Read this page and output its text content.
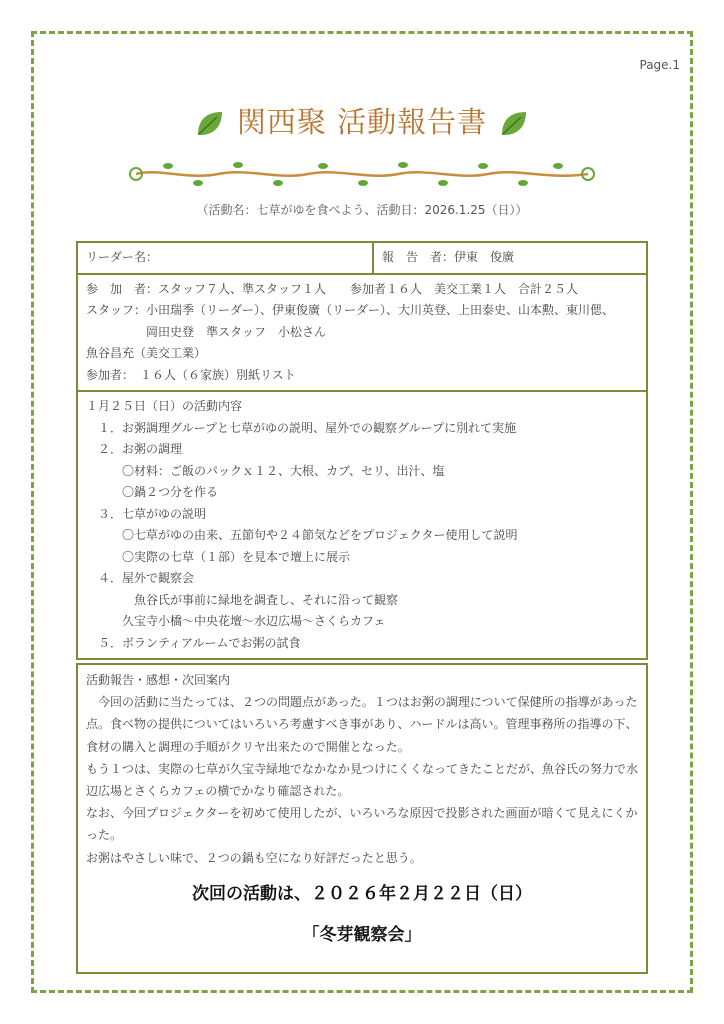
Page.1
関西聚 活動報告書
（活動名：七草がゆを食べよう、活動日：2026.1.25（日））
リーダー名：	報　告　者：伊東　俊廣

参　加　者：スタッフ７人、準スタッフ１人　　参加者１６人　美交工業１人　合計２５人
スタッフ：小田瑞季（リーダー）、伊東俊廣（リーダー）、大川英登、上田泰史、山本勲、東川偲、
　　　　　岡田史登　準スタッフ　小松さん
魚谷昌充（美交工業）
参加者：　１６人（６家族）別紙リスト

１月２５日（日）の活動内容
　１．お粥調理グループと七草がゆの説明、屋外での観察グループに別れて実施
　２．お粥の調理
　　　〇材料：ご飯のパックｘ１２、大根、カブ、セリ、出汁、塩
　　　〇鍋２つ分を作る
　３．七草がゆの説明
　　　〇七草がゆの由来、五節句や２４節気などをプロジェクター使用して説明
　　　〇実際の七草（１部）を見本で壇上に展示
　４．屋外で観察会
　　　　魚谷氏が事前に緑地を調査し、それに沿って観察
　　　久宝寺小橋～中央花壇～水辺広場～さくらカフェ
　５．ボランティアルームでお粥の試食
活動報告・感想・次回案内
　今回の活動に当たっては、２つの問題点があった。１つはお粥の調理について保健所の指導があった点。食べ物の提供についてはいろいろ考慮すべき事があり、ハードルは高い。管理事務所の指導の下、食材の購入と調理の手順がクリヤ出来たので開催となった。
もう１つは、実際の七草が久宝寺緑地でなかなか見つけにくくなってきたことだが、魚谷氏の努力で水辺広場とさくらカフェの横でかなり確認された。
なお、今回プロジェクターを初めて使用したが、いろいろな原因で投影された画面が暗くて見えにくかった。
お粥はやさしい味で、２つの鍋も空になり好評だったと思う。
次回の活動は、２０２６年２月２２日（日）
「冬芽観察会」
